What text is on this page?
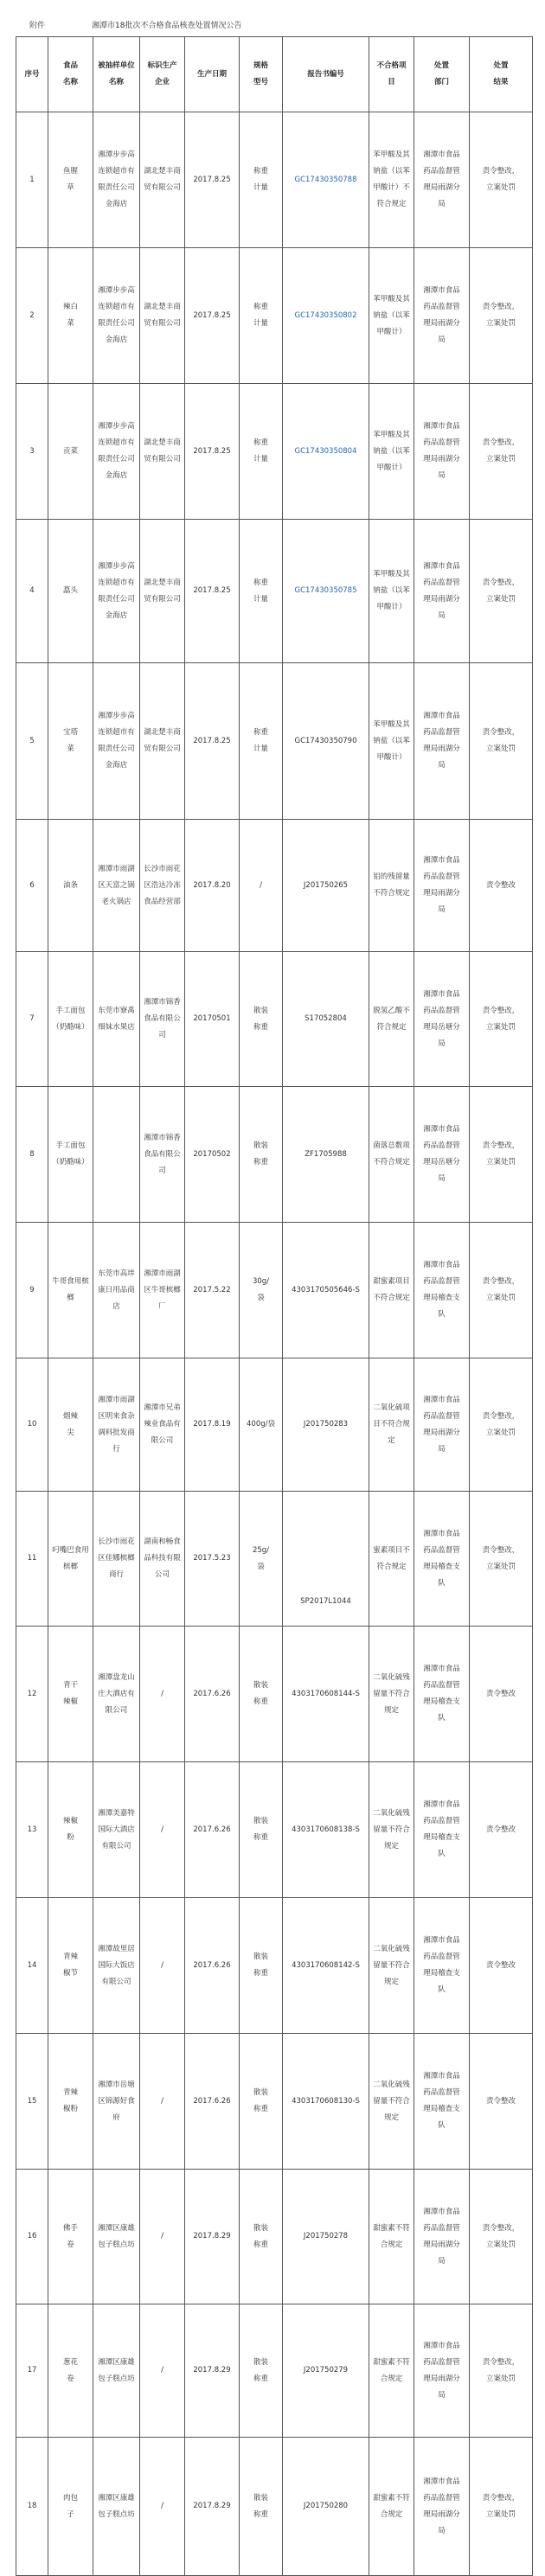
附件	湘潭市18批次不合格食品核查处置情况公告
序号	食品名称	被抽样单位名称	标识生产企业	生产日期	规格型号	报告书编号	不合格项目	处置部门	处置结果

1	鱼腥草	湘潭步步高连锁超市有限责任公司金海店	湖北楚丰商贸有限公司	2017.8.25	称重计量	GC17430350788	苯甲酸及其钠盐（以苯甲酸计）不符合规定	湘潭市食品药品监督管理局雨湖分局	责令整改，立案处罚

2	辣白菜	湘潭步步高连锁超市有限责任公司金海店	湖北楚丰商贸有限公司	2017.8.25	称重计量	GC17430350802	苯甲酸及其钠盐（以苯甲酸计）	湘潭市食品药品监督管理局雨湖分局	责令整改，立案处罚

3	贡菜	湘潭步步高连锁超市有限责任公司金海店	湖北楚丰商贸有限公司	2017.8.25	称重计量	GC17430350804	苯甲酸及其钠盐（以苯甲酸计）	湘潭市食品药品监督管理局雨湖分局	责令整改，立案处罚

4	藠头	湘潭步步高连锁超市有限责任公司金海店	湖北楚丰商贸有限公司	2017.8.25	称重计量	GC17430350785	苯甲酸及其钠盐（以苯甲酸计）	湘潭市食品药品监督管理局雨湖分局	责令整改，立案处罚

5	宝塔菜	湘潭步步高连锁超市有限责任公司金海店	湖北楚丰商贸有限公司	2017.8.25	称重计量	GC17430350790	苯甲酸及其钠盐（以苯甲酸计）	湘潭市食品药品监督管理局雨湖分局	责令整改，立案处罚

6	油条	湘潭市雨湖区天富之锅老火锅店	长沙市雨花区浩达冷冻食品经营部	2017.8.20	/	J201750265	铝的残留量不符合规定	湘潭市食品药品监督管理局雨湖分局	责令整改

7	手工面包（奶酪味）	东莞市寮禹细妹水果店	湘潭市锦香食品有限公司	20170501	散装称重	S17052804	脱氢乙酸不符合规定	湘潭市食品药品监督管理局岳塘分局	责令整改，立案处罚

8	手工面包（奶酪味）		湘潭市锦香食品有限公司	20170502	散装称重	ZF1705988	菌落总数项不符合规定	湘潭市食品药品监督管理局岳塘分局	责令整改，立案处罚

9	牛哥食用槟榔	东莞市高埗康日用品商店	湘潭市雨湖区牛哥槟榔厂	2017.5.22	30g/袋	4303170505646-S	甜蜜素项目不符合规定	湘潭市食品药品监督管理局稽查支队	责令整改，立案处罚

10	烟辣尖	湘潭市雨湖区明来食杂调料批发商行	湘潭市兄弟辣业食品有限公司	2017.8.19	400g/袋	J201750283	二氧化硫项目不符合规定	湘潭市食品药品监督管理局雨湖分局	责令整改，立案处罚

11	叼嘴巴食用槟榔	长沙市雨花区佳娜槟榔商行	湖南和畅食品科技有限公司	2017.5.23	25g/袋	SP2017L1044	蜜素项目不符合规定	湘潭市食品药品监督管理局稽查支队	责令整改，立案处罚

12	青干辣椒	湘潭盘龙山庄大酒店有限公司	/	2017.6.26	散装称重	4303170608144-S	二氧化硫残留量不符合规定	湘潭市食品药品监督管理局稽查支队	责令整改

13	辣椒粉	湘潭美嘉特国际大酒店有限公司	/	2017.6.26	散装称重	4303170608138-S	二氧化硫残留量不符合规定	湘潭市食品药品监督管理局稽查支队	责令整改

14	青辣椒节	湘潭故里居国际大饭店有限公司	/	2017.6.26	散装称重	4303170608142-S	二氧化硫残留量不符合规定	湘潭市食品药品监督管理局稽查支队	责令整改

15	青辣椒粉	湘潭市岳塘区锦源好食府	/	2017.6.26	散装称重	4303170608130-S	二氧化硫残留量不符合规定	湘潭市食品药品监督管理局稽查支队	责令整改

16	佛手卷	湘潭区康雄包子糕点坊	/	2017.8.29	散装称重	J201750278	甜蜜素不符合规定	湘潭市食品药品监督管理局雨湖分局	责令整改，立案处罚

17	葱花卷	湘潭区康雄包子糕点坊	/	2017.8.29	散装称重	J201750279	甜蜜素不符合规定	湘潭市食品药品监督管理局雨湖分局	责令整改，立案处罚

18	肉包子	湘潭区康雄包子糕点坊	/	2017.8.29	散装称重	J201750280	甜蜜素不符合规定	湘潭市食品药品监督管理局雨湖分局	责令整改，立案处罚
